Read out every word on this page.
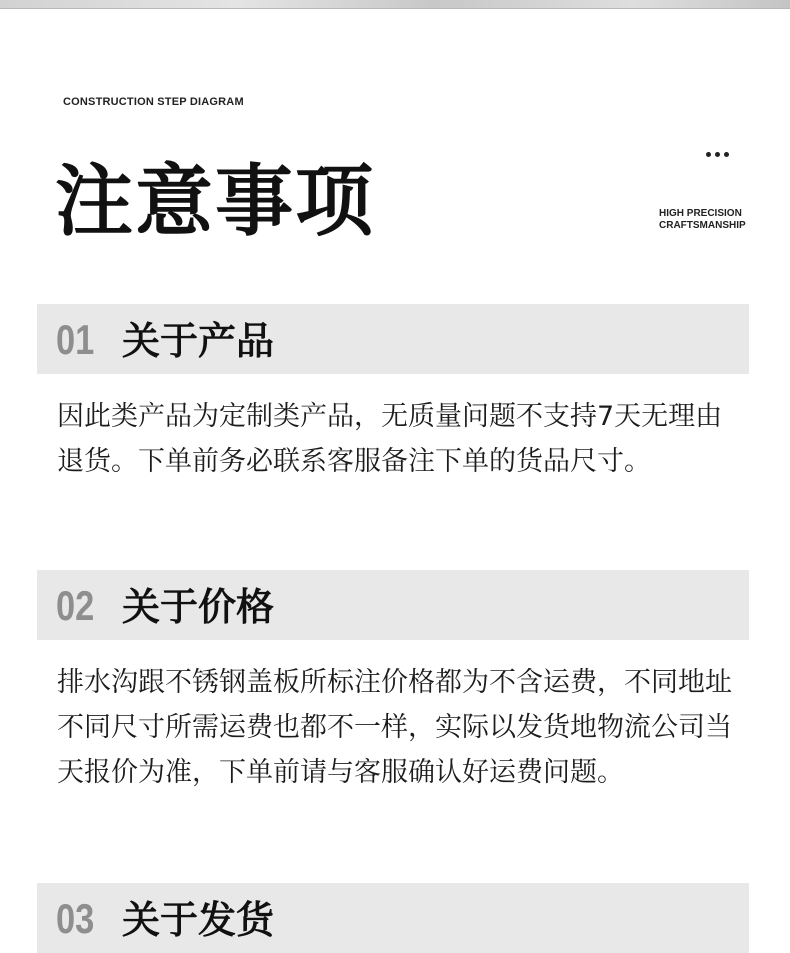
CONSTRUCTION STEP DIAGRAM
注意事项	HIGH PRECISION
CRAFTSMANSHIP
01 关于产品

因此类产品为定制类产品，无质量问题不支持7天无理由退货。下单前务必联系客服备注下单的货品尺寸。

02 关于价格

排水沟跟不锈钢盖板所标注价格都为不含运费，不同地址不同尺寸所需运费也都不一样，实际以发货地物流公司当天报价为准，下单前请与客服确认好运费问题。

03 关于发货
